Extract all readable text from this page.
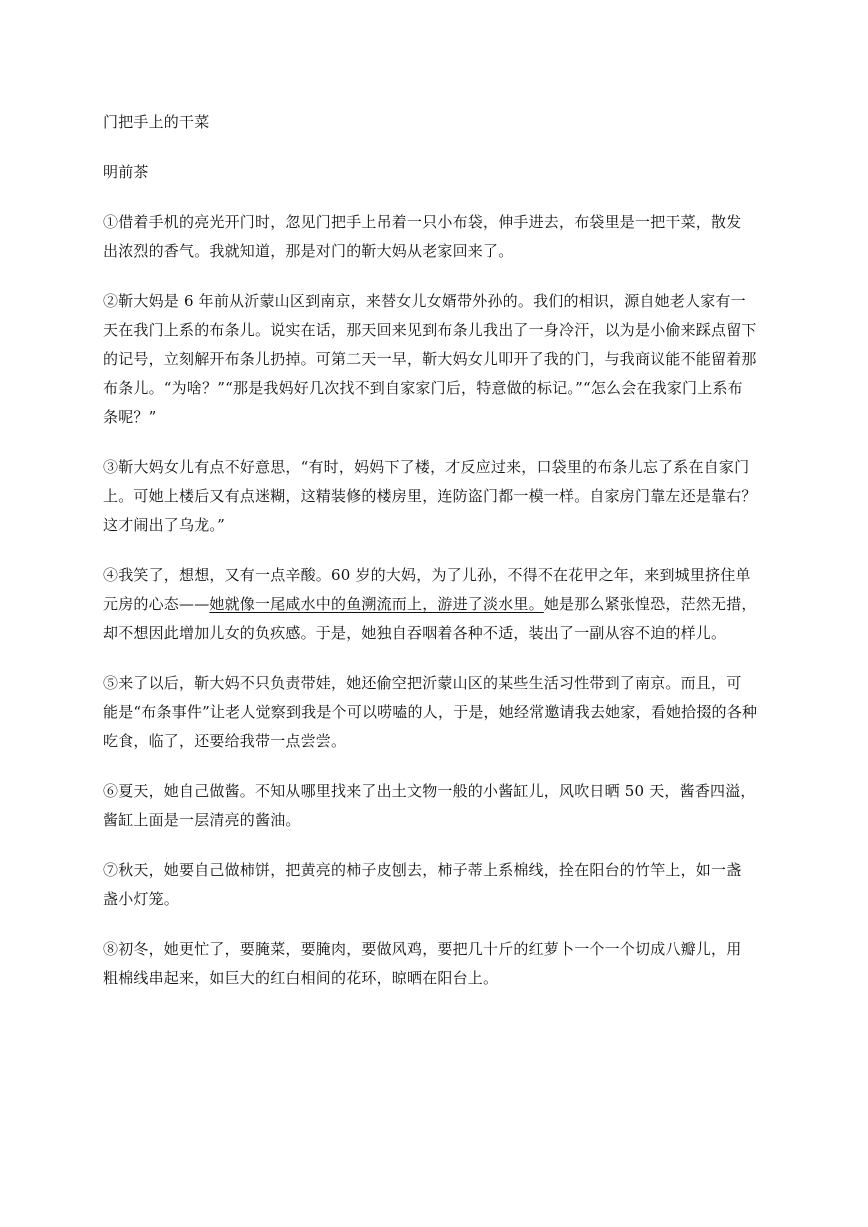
门把手上的干菜

明前茶

①借着手机的亮光开门时，忽见门把手上吊着一只小布袋，伸手进去，布袋里是一把干菜，散发

出浓烈的香气。我就知道，那是对门的靳大妈从老家回来了。

②靳大妈是 6 年前从沂蒙山区到南京，来替女儿女婿带外孙的。我们的相识，源自她老人家有一

天在我门上系的布条儿。说实在话，那天回来见到布条儿我出了一身冷汗，以为是小偷来踩点留下

的记号，立刻解开布条儿扔掉。可第二天一早，靳大妈女儿叩开了我的门，与我商议能不能留着那

布条儿。“为啥？”“那是我妈好几次找不到自家家门后，特意做的标记。”“怎么会在我家门上系布

条呢？”

③靳大妈女儿有点不好意思，“有时，妈妈下了楼，才反应过来，口袋里的布条儿忘了系在自家门

上。可她上楼后又有点迷糊，这精装修的楼房里，连防盗门都一模一样。自家房门靠左还是靠右？

这才闹出了乌龙。”

④我笑了，想想，又有一点辛酸。60 岁的大妈，为了儿孙，不得不在花甲之年，来到城里挤住单

元房的心态——她就像一尾咸水中的鱼溯流而上，游进了淡水里。她是那么紧张惶恐，茫然无措，

却不想因此增加儿女的负疚感。于是，她独自吞咽着各种不适，装出了一副从容不迫的样儿。

⑤来了以后，靳大妈不只负责带娃，她还偷空把沂蒙山区的某些生活习性带到了南京。而且，可

能是“布条事件”让老人觉察到我是个可以唠嗑的人，于是，她经常邀请我去她家，看她拾掇的各种

吃食，临了，还要给我带一点尝尝。

⑥夏天，她自己做酱。不知从哪里找来了出土文物一般的小酱缸儿，风吹日晒 50 天，酱香四溢，

酱缸上面是一层清亮的酱油。

⑦秋天，她要自己做柿饼，把黄亮的柿子皮刨去，柿子蒂上系棉线，拴在阳台的竹竿上，如一盏

盏小灯笼。

⑧初冬，她更忙了，要腌菜，要腌肉，要做风鸡，要把几十斤的红萝卜一个一个切成八瓣儿，用

粗棉线串起来，如巨大的红白相间的花环，晾晒在阳台上。
